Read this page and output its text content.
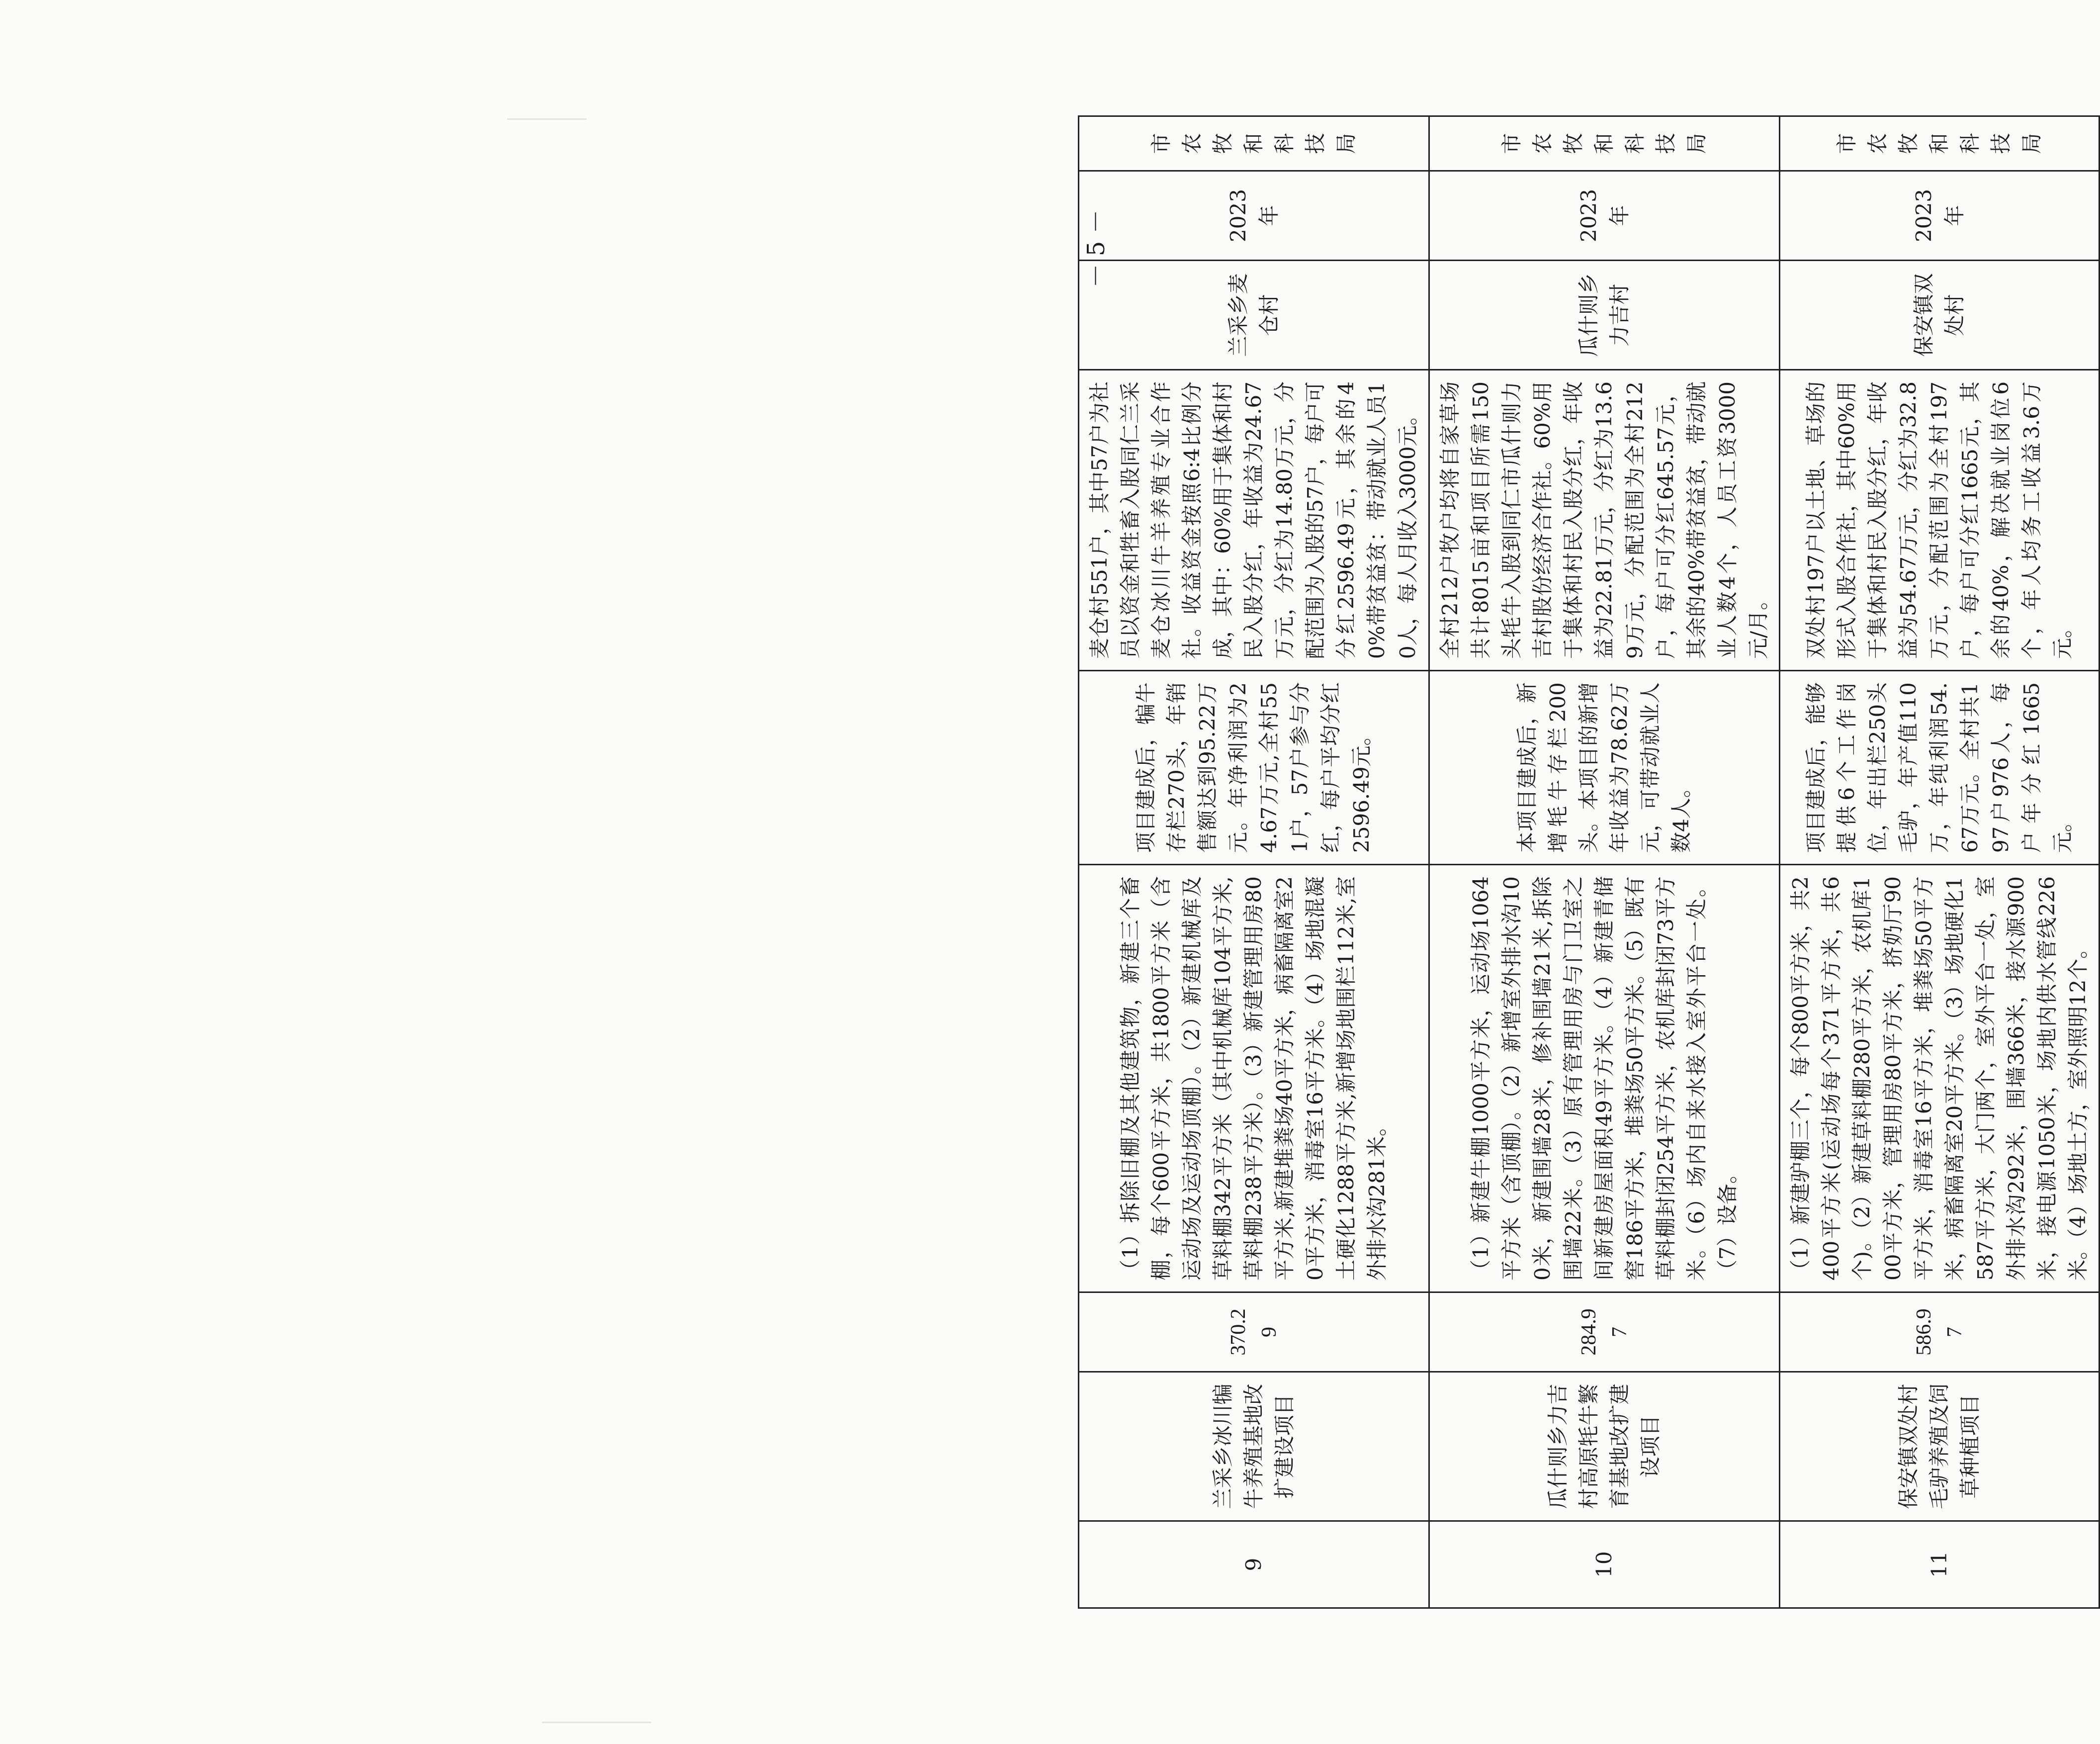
9	兰采乡冰川犏牛养殖基地改扩建设项目	370.29	（1）拆除旧棚及其他建筑物，新建三个畜棚，每个600平方米，共1800平方米（含运动场及运动场顶棚）。（2）新建机械库及草料棚342平方米（其中机械库104平方米,草料棚238平方米）。（3）新建管理用房80平方米,新建堆粪场40平方米，病畜隔离室20平方米，消毒室16平方米。（4）场地混凝土硬化1288平方米,新增场地围栏112米,室外排水沟281米。	项目建成后，犏牛存栏270头，年销售额达到95.22万元。年净利润为24.67万元,全村551户，57户参与分红，每户平均分红2596.49元。	麦仓村551户，其中57户为社员以资金和牲畜入股同仁兰采麦仓冰川牛羊养殖专业合作社。收益资金按照6:4比例分成，其中：60%用于集体和村民入股分红，年收益为24.67万元，分红为14.80万元，分配范围为入股的57户，每户可分红2596.49元，其余的40%带贫益贫：带动就业人员10人，每人月收入3000元。	兰采乡麦仓村	2023年	市农牧和科技局
10	瓜什则乡力吉村高原牦牛繁育基地改扩建设项目	284.97	（1）新建牛棚1000平方米，运动场1064平方米（含顶棚）。（2）新增室外排水沟100米，新建围墙28米，修补围墙21米,拆除围墙22米。（3）原有管理用房与门卫室之间新建房屋面积49平方米。（4）新建青储窖186平方米，堆粪场50平方米。（5）既有草料棚封闭254平方米，农机库封闭73平方米。（6）场内自来水接入室外平台一处。（7）设备。	本项目建成后，新增牦牛存栏200头。本项目的新增年收益为78.62万元，可带动就业人数4人。	全村212户牧户均将自家草场共计8015亩和项目所需150头牦牛入股到同仁市瓜什则力吉村股份经济合作社。60%用于集体和村民入股分红，年收益为22.81万元，分红为13.69万元，分配范围为全村212户，每户可分红645.57元，其余的40%带贫益贫，带动就业人数4个，人员工资3000元/月。	瓜什则乡力吉村	2023年	市农牧和科技局
11	保安镇双处村毛驴养殖及饲草种植项目	586.97	（1）新建驴棚三个，每个800平方米，共2400平方米(运动场每个371平方米，共6个)。（2）新建草料棚280平方米，农机库100平方米，管理用房80平方米，挤奶厅90平方米，消毒室16平方米，堆粪场50平方米，病畜隔离室20平方米。（3）场地硬化1587平方米，大门两个，室外平台一处，室外排水沟292米，围墙366米，接水源900米，接电源1050米，场地内供水管线226米。（4）场地土方，室外照明12个。	项目建成后，能够提供6个工作岗位，年出栏250头毛驴，年产值110万，年纯利润54.67万元。全村共197户976人，每户年分红1665元。	双处村197户以土地、草场的形式入股合作社，其中60%用于集体和村民入股分红，年收益为54.67万元，分红为32.8万元，分配范围为全村197户，每户可分红1665元，其余的40%，解决就业岗位6个，年人均务工收益3.6万元。	保安镇双处村	2023年	市农牧和科技局
－ 5 －
